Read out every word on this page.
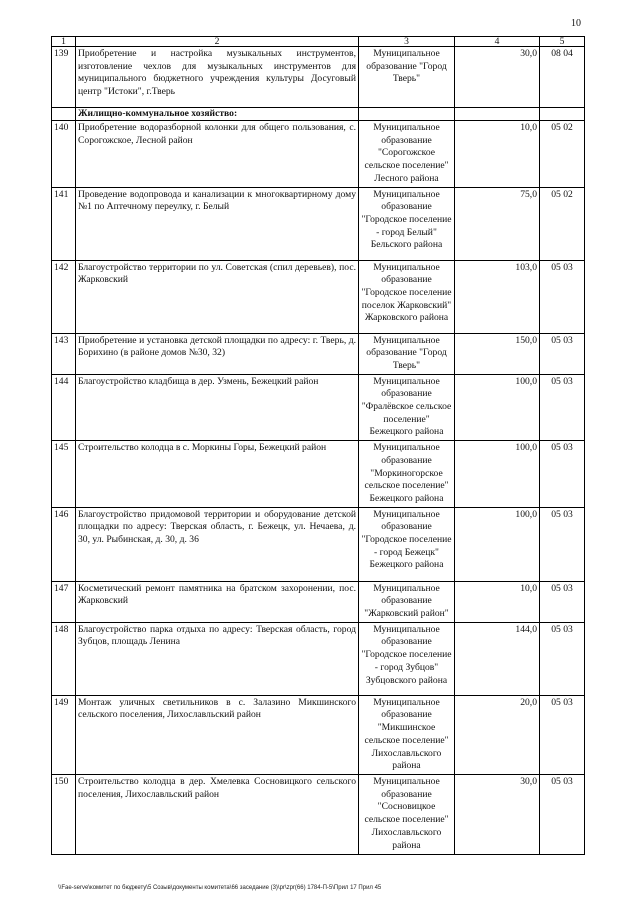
10
1	2	3	4	5
139	Приобретение и настройка музыкальных инструментов, изготовление чехлов для музыкальных инструментов для муниципального бюджетного учреждения культуры Досуговый центр "Истоки", г.Тверь	Муниципальное образование "Город Тверь"	30,0	08 04
	Жилищно-коммунальное хозяйство:			
140	Приобретение водоразборной колонки для общего пользования, с. Сорогожское, Лесной район	Муниципальное образование "Сорогожское сельское поселение" Лесного района	10,0	05 02
141	Проведение водопровода и канализации к многоквартирному дому №1 по Аптечному переулку, г. Белый	Муниципальное образование "Городское поселение - город Белый" Бельского района	75,0	05 02
142	Благоустройство территории по ул. Советская (спил деревьев), пос. Жарковский	Муниципальное образование "Городское поселение поселок Жарковский" Жарковского района	103,0	05 03
143	Приобретение и установка детской площадки по адресу: г. Тверь, д. Борихино (в районе домов №30, 32)	Муниципальное образование "Город Тверь"	150,0	05 03
144	Благоустройство кладбища в дер. Узмень, Бежецкий район	Муниципальное образование "Фралёвское сельское поселение" Бежецкого района	100,0	05 03
145	Строительство колодца в с. Моркины Горы, Бежецкий район	Муниципальное образование "Моркиногорское сельское поселение" Бежецкого района	100,0	05 03
146	Благоустройство придомовой территории и оборудование детской площадки по адресу: Тверская область, г. Бежецк, ул. Нечаева, д. 30, ул. Рыбинская, д. 30, д. 36	Муниципальное образование "Городское поселение - город Бежецк" Бежецкого района	100,0	05 03
147	Косметический ремонт памятника на братском захоронении, пос. Жарковский	Муниципальное образование "Жарковский район"	10,0	05 03
148	Благоустройство парка отдыха по адресу: Тверская область, город Зубцов, площадь Ленина	Муниципальное образование "Городское поселение - город Зубцов" Зубцовского района	144,0	05 03
149	Монтаж уличных светильников в с. Залазино Микшинского сельского поселения, Лихославльский район	Муниципальное образование "Микшинское сельское поселение" Лихославльского района	20,0	05 03
150	Строительство колодца в дер. Хмелевка Сосновицкого сельского поселения, Лихославльский район	Муниципальное образование "Сосновицкое сельское поселение" Лихославльского района	30,0	05 03
\\Fae-serve\комитет по бюджету\5 Созыв\документы комитета\66 заседание (3)\pr\zpr(66) 1784-П-5\Прил 17 Прил 45
